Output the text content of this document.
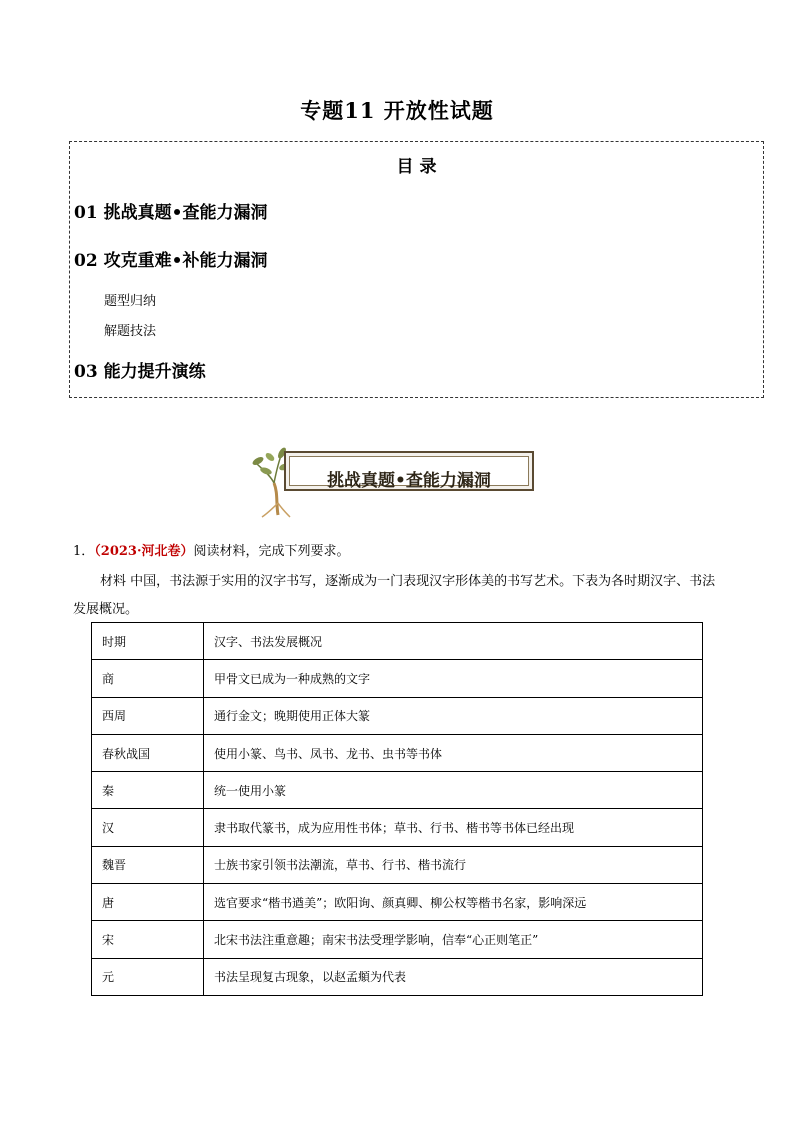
专题11 开放性试题
目 录
01 挑战真题•查能力漏洞
02 攻克重难•补能力漏洞
题型归纳
解题技法
03 能力提升演练
挑战真题•查能力漏洞
1．（2023·河北卷）阅读材料，完成下列要求。
材料 中国，书法源于实用的汉字书写，逐渐成为一门表现汉字形体美的书写艺术。下表为各时期汉字、书法发展概况。
时期	汉字、书法发展概况
商	甲骨文已成为一种成熟的文字
西周	通行金文；晚期使用正体大篆
春秋战国	使用小篆、鸟书、凤书、龙书、虫书等书体
秦	统一使用小篆
汉	隶书取代篆书，成为应用性书体；草书、行书、楷书等书体已经出现
魏晋	士族书家引领书法潮流，草书、行书、楷书流行
唐	选官要求“楷书遒美”；欧阳询、颜真卿、柳公权等楷书名家，影响深远
宋	北宋书法注重意趣；南宋书法受理学影响，信奉“心正则笔正”
元	书法呈现复古现象，以赵孟頫为代表
